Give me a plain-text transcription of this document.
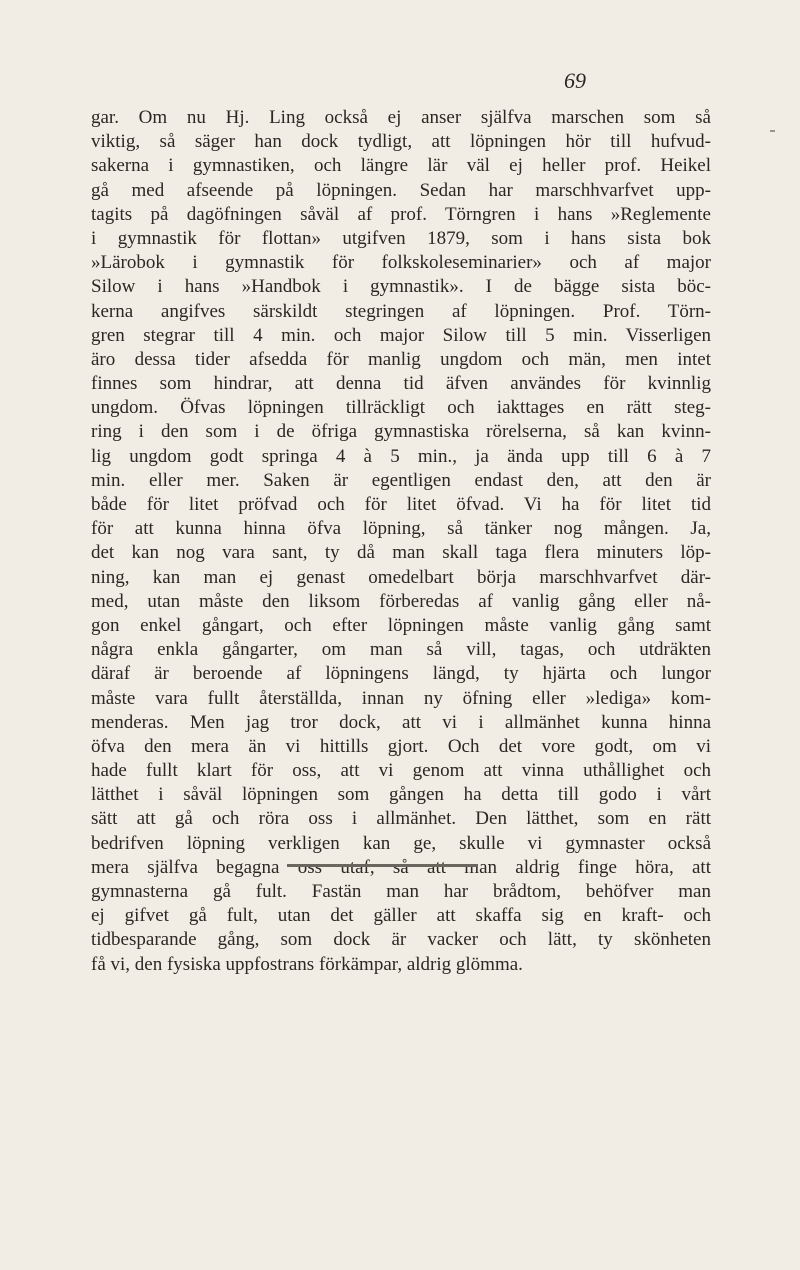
69
gar. Om nu Hj. Ling också ej anser själfva marschen som så
viktig, så säger han dock tydligt, att löpningen hör till hufvud-
sakerna i gymnastiken, och längre lär väl ej heller prof. Heikel
gå med afseende på löpningen. Sedan har marschhvarfvet upp-
tagits på dagöfningen såväl af prof. Törngren i hans »Reglemente
i gymnastik för flottan» utgifven 1879, som i hans sista bok
»Lärobok i gymnastik för folkskoleseminarier» och af major
Silow i hans »Handbok i gymnastik». I de bägge sista böc-
kerna angifves särskildt stegringen af löpningen. Prof. Törn-
gren stegrar till 4 min. och major Silow till 5 min. Visserligen
äro dessa tider afsedda för manlig ungdom och män, men intet
finnes som hindrar, att denna tid äfven användes för kvinnlig
ungdom. Öfvas löpningen tillräckligt och iakttages en rätt steg-
ring i den som i de öfriga gymnastiska rörelserna, så kan kvinn-
lig ungdom godt springa 4 à 5 min., ja ända upp till 6 à 7
min. eller mer. Saken är egentligen endast den, att den är
både för litet pröfvad och för litet öfvad. Vi ha för litet tid
för att kunna hinna öfva löpning, så tänker nog mången. Ja,
det kan nog vara sant, ty då man skall taga flera minuters löp-
ning, kan man ej genast omedelbart börja marschhvarfvet där-
med, utan måste den liksom förberedas af vanlig gång eller nå-
gon enkel gångart, och efter löpningen måste vanlig gång samt
några enkla gångarter, om man så vill, tagas, och utdräkten
däraf är beroende af löpningens längd, ty hjärta och lungor
måste vara fullt återställda, innan ny öfning eller »lediga» kom-
menderas. Men jag tror dock, att vi i allmänhet kunna hinna
öfva den mera än vi hittills gjort. Och det vore godt, om vi
hade fullt klart för oss, att vi genom att vinna uthållighet och
lätthet i såväl löpningen som gången ha detta till godo i vårt
sätt att gå och röra oss i allmänhet. Den lätthet, som en rätt
bedrifven löpning verkligen kan ge, skulle vi gymnaster också
mera själfva begagna oss utaf, så att man aldrig finge höra, att
gymnasterna gå fult. Fastän man har brådtom, behöfver man
ej gifvet gå fult, utan det gäller att skaffa sig en kraft- och
tidbesparande gång, som dock är vacker och lätt, ty skönheten
få vi, den fysiska uppfostrans förkämpar, aldrig glömma.
